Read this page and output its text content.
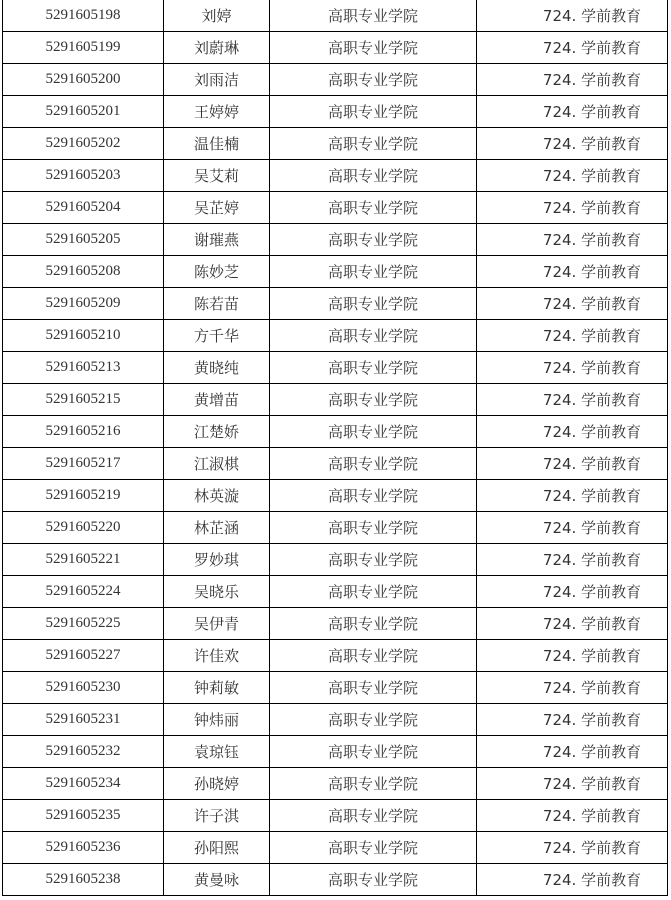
5291605198	刘婷	高职专业学院	724. 学前教育
5291605199	刘蔚琳	高职专业学院	724. 学前教育
5291605200	刘雨洁	高职专业学院	724. 学前教育
5291605201	王婷婷	高职专业学院	724. 学前教育
5291605202	温佳楠	高职专业学院	724. 学前教育
5291605203	吴艾莉	高职专业学院	724. 学前教育
5291605204	吴芷婷	高职专业学院	724. 学前教育
5291605205	谢璀燕	高职专业学院	724. 学前教育
5291605208	陈妙芝	高职专业学院	724. 学前教育
5291605209	陈若苗	高职专业学院	724. 学前教育
5291605210	方千华	高职专业学院	724. 学前教育
5291605213	黄晓纯	高职专业学院	724. 学前教育
5291605215	黄增苗	高职专业学院	724. 学前教育
5291605216	江楚娇	高职专业学院	724. 学前教育
5291605217	江淑棋	高职专业学院	724. 学前教育
5291605219	林英漩	高职专业学院	724. 学前教育
5291605220	林芷涵	高职专业学院	724. 学前教育
5291605221	罗妙琪	高职专业学院	724. 学前教育
5291605224	吴晓乐	高职专业学院	724. 学前教育
5291605225	吴伊青	高职专业学院	724. 学前教育
5291605227	许佳欢	高职专业学院	724. 学前教育
5291605230	钟莉敏	高职专业学院	724. 学前教育
5291605231	钟炜丽	高职专业学院	724. 学前教育
5291605232	袁琼钰	高职专业学院	724. 学前教育
5291605234	孙晓婷	高职专业学院	724. 学前教育
5291605235	许子淇	高职专业学院	724. 学前教育
5291605236	孙阳熙	高职专业学院	724. 学前教育
5291605238	黄曼咏	高职专业学院	724. 学前教育
